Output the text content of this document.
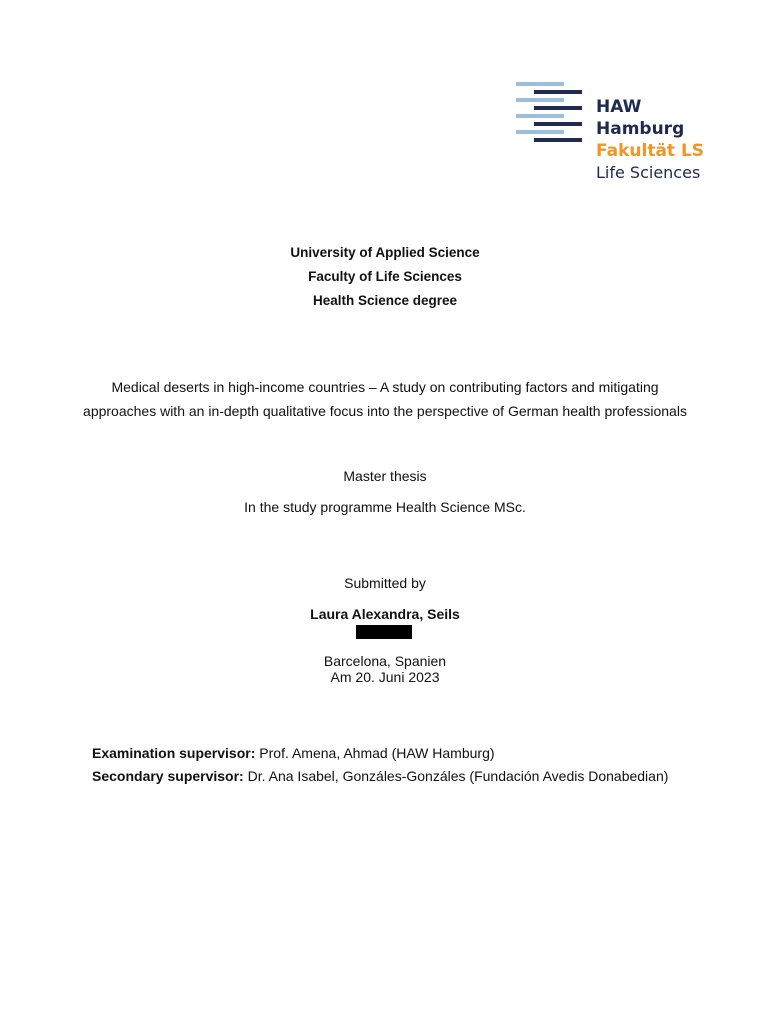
HAW Hamburg
Fakultät LS
Life Sciences
University of Applied Science
Faculty of Life Sciences
Health Science degree
Medical deserts in high-income countries – A study on contributing factors and mitigating approaches with an in-depth qualitative focus into the perspective of German health professionals
Master thesis
In the study programme Health Science MSc.
Submitted by
Laura Alexandra, Seils
Barcelona, Spanien
Am 20. Juni 2023
Examination supervisor: Prof. Amena, Ahmad (HAW Hamburg)
Secondary supervisor: Dr. Ana Isabel, Gonzáles-Gonzáles (Fundación Avedis Donabedian)
